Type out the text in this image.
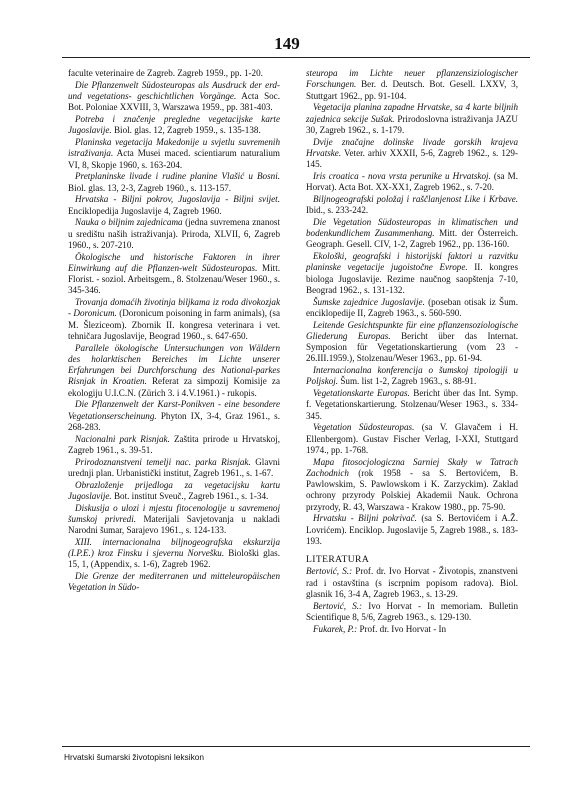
149

faculte veterinaire de Zagreb. Zagreb 1959., pp. 1-20.

Die Pflanzenwelt Südosteuropas als Ausdruck der erd- und vegetations- geschichtlichen Vorgänge. Acta Soc. Bot. Poloniae XXVIII, 3, Warszawa 1959., pp. 381-403.

Potreba i značenje pregledne vegetacijske karte Jugoslavije. Biol. glas. 12, Zagreb 1959., s. 135-138.

Planinska vegetacija Makedonije u svjetlu suvremenih istraživanja. Acta Musei maced. scientiarum naturalium VI, 8, Skopje 1960, s. 163-204.

Pretplaninske livade i rudine planine Vlašić u Bosni. Biol. glas. 13, 2-3, Zagreb 1960., s. 113-157.

Hrvatska - Biljni pokrov, Jugoslavija - Biljni svijet. Enciklopedija Jugoslavije 4, Zagreb 1960.

Nauka o biljnim zajednicama (jedna suvremena znanost u središtu naših istraživanja). Priroda, XLVII, 6, Zagreb 1960., s. 207-210.

Ökologische und historische Faktoren in ihrer Einwirkung auf die Pflanzen-welt Südosteuropas. Mitt. Florist. - soziol. Arbeitsgem., 8. Stolzenau/Weser 1960., s. 345-346.

Trovanja domaćih životinja biljkama iz roda divokozjak - Doronicum. (Doronicum poisoning in farm animals), (sa M. Šleziceom). Zbornik II. kongresa veterinara i vet. tehničara Jugoslavije, Beograd 1960., s. 647-650.

Parallele ökologische Untersuchungen von Wäldern des holarktischen Bereiches im Lichte unserer Erfahrungen bei Durchforschung des National-parkes Risnjak in Kroatien. Referat za simpozij Komisije za ekologiju U.I.C.N. (Zürich 3. i 4.V.1961.) - rukopis.

Die Pflanzenwelt der Karst-Ponikven - eine besondere Vegetationserscheinung. Phyton IX, 3-4, Graz 1961., s. 268-283.

Nacionalni park Risnjak. Zaštita prirode u Hrvatskoj, Zagreb 1961., s. 39-51.

Prirodoznanstveni temelji nac. parka Risnjak. Glavni urednji plan. Urbanistički institut, Zagreb 1961., s. 1-67.

Obrazloženje prijedloga za vegetacijsku kartu Jugoslavije. Bot. institut Sveuč., Zagreb 1961., s. 1-34.

Diskusija o ulozi i mjestu fitocenologije u savremenoj šumskoj privredi. Materijali Savjetovanja u nakladi Narodni šumar, Sarajevo 1961., s. 124-133.

XIII. internacionalna biljnogeografska ekskurzija (I.P.E.) kroz Finsku i sjevernu Norvešku. Biološki glas. 15, 1, (Appendix, s. 1-6), Zagreb 1962.

Die Grenze der mediterranen und mitteleuropäischen Vegetation in Südo-

steuropa im Lichte neuer pflanzensiziologischer Forschungen. Ber. d. Deutsch. Bot. Gesell. LXXV, 3, Stuttgart 1962., pp. 91-104.

Vegetacija planina zapadne Hrvatske, sa 4 karte biljnih zajednica sekcije Sušak. Prirodoslovna istraživanja JAZU 30, Zagreb 1962., s. 1-179.

Dvije značajne dolinske livade gorskih krajeva Hrvatske. Veter. arhiv XXXII, 5-6, Zagreb 1962., s. 129-145.

Iris croatica - nova vrsta perunike u Hrvatskoj. (sa M. Horvat). Acta Bot. XX-XX1, Zagreb 1962., s. 7-20.

Biljnogeografski položaj i raščlanjenost Like i Krbave. Ibid., s. 233-242.

Die Vegetation Südosteuropas in klimatischen und bodenkundlichem Zusammenhang. Mitt. der Österreich. Geograph. Gesell. CIV, 1-2, Zagreb 1962., pp. 136-160.

Ekološki, geografski i historijski faktori u razvitku planinske vegetacije jugoistočne Evrope. II. kongres biologa Jugoslavije. Rezime naučnog saopštenja 7-10, Beograd 1962., s. 131-132.

Šumske zajednice Jugoslavije. (poseban otisak iz Šum. enciklopedije II, Zagreb 1963., s. 560-590.

Leitende Gesichtspunkte für eine pflanzensoziologische Gliederung Europas. Bericht über das Internat. Symposion für Vegetationskartierung (vom 23 - 26.III.1959.), Stolzenau/Weser 1963., pp. 61-94.

Internacionalna konferencija o šumskoj tipologiji u Poljskoj. Šum. list 1-2, Zagreb 1963., s. 88-91.

Vegetationskarte Europas. Bericht über das Int. Symp. f. Vegetationskartierung. Stolzenau/Weser 1963., s. 334-345.

Vegetation Südosteuropas. (sa V. Glavačem i H. Ellenbergom). Gustav Fischer Verlag, I-XXI, Stuttgard 1974., pp. 1-768.

Mapa fitosocjologiczna Sarniej Skały w Tatrach Zachodnich (rok 1958 - sa S. Bertovićem, B. Pawlowskim, S. Pawlowskom i K. Zarzyckim). Zaklad ochrony przyrody Polskiej Akademii Nauk. Ochrona przyrody, R. 43, Warszawa - Krakow 1980., pp. 75-90.

Hrvatsku - Biljni pokrivač. (sa S. Bertovićem i A.Ž. Lovrićem). Enciklop. Jugoslavije 5, Zagreb 1988., s. 183-193.

LITERATURA

Bertović, S.: Prof. dr. Ivo Horvat - Životopis, znanstveni rad i ostavština (s iscrpnim popisom radova). Biol. glasnik 16, 3-4 A, Zagreb 1963., s. 13-29.

Bertović, S.: Ivo Horvat - In memoriam. Bulletin Scientifique 8, 5/6, Zagreb 1963., s. 129-130.

Fukarek, P.: Prof. dr. Ivo Horvat - In

Hrvatski šumarski životopisni leksikon
